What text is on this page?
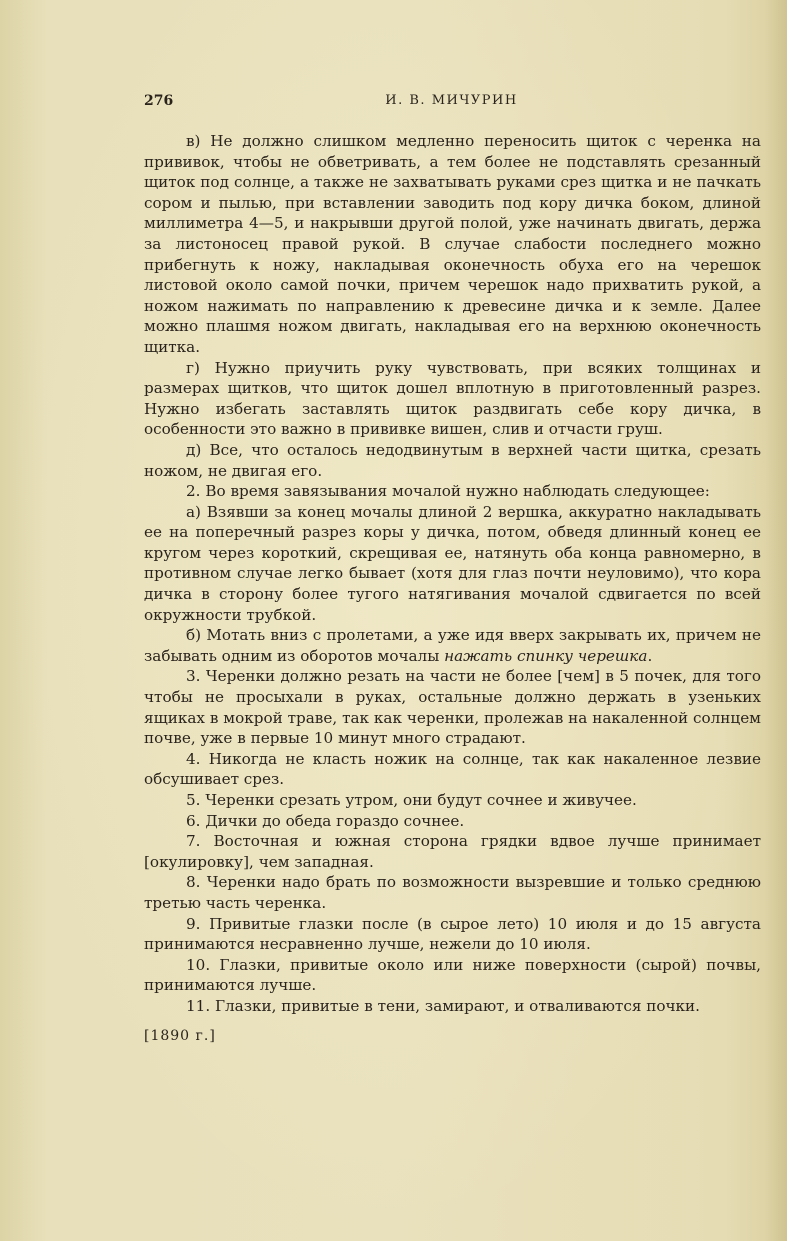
276	И. В. МИЧУРИН

в) Не должно слишком медленно переносить щиток с черенка на прививок, чтобы не обветривать, а тем более не подставлять срезанный щиток под солнце, а также не захватывать руками срез щитка и не пачкать сором и пылью, при вставлении заводить под кору дичка боком, длиной миллиметра 4—5, и накрывши другой полой, уже начинать двигать, держа за листоносец правой рукой. В случае слабости последнего можно прибегнуть к ножу, накладывая оконечность обуха его на черешок листовой около самой почки, причем черешок надо прихватить рукой, а ножом нажимать по направлению к древесине дичка и к земле. Далее можно плашмя ножом двигать, накладывая его на верхнюю оконечность щитка.

г) Нужно приучить руку чувствовать, при всяких толщинах и размерах щитков, что щиток дошел вплотную в приготовленный разрез. Нужно избегать заставлять щиток раздвигать себе кору дичка, в особенности это важно в прививке вишен, слив и отчасти груш.

д) Все, что осталось недодвинутым в верхней части щитка, срезать ножом, не двигая его.

2. Во время завязывания мочалой нужно наблюдать следующее:

а) Взявши за конец мочалы длиной 2 вершка, аккуратно накладывать ее на поперечный разрез коры у дичка, потом, обведя длинный конец ее кругом через короткий, скрещивая ее, натянуть оба конца равномерно, в противном случае легко бывает (хотя для глаз почти неуловимо), что кора дичка в сторону более тугого натягивания мочалой сдвигается по всей окружности трубкой.

б) Мотать вниз с пролетами, а уже идя вверх закрывать их, причем не забывать одним из оборотов мочалы нажать спинку черешка.

3. Черенки должно резать на части не более [чем] в 5 почек, для того чтобы не просыхали в руках, остальные должно держать в узеньких ящиках в мокрой траве, так как черенки, пролежав на накаленной солнцем почве, уже в первые 10 минут много страдают.

4. Никогда не класть ножик на солнце, так как накаленное лезвие обсушивает срез.

5. Черенки срезать утром, они будут сочнее и живучее.

6. Дички до обеда гораздо сочнее.

7. Восточная и южная сторона грядки вдвое лучше принимает [окулировку], чем западная.

8. Черенки надо брать по возможности вызревшие и только среднюю третью часть черенка.

9. Привитые глазки после (в сырое лето) 10 июля и до 15 августа принимаются несравненно лучше, нежели до 10 июля.

10. Глазки, привитые около или ниже поверхности (сырой) почвы, принимаются лучше.

11. Глазки, привитые в тени, замирают, и отваливаются почки.

[1890 г.]
